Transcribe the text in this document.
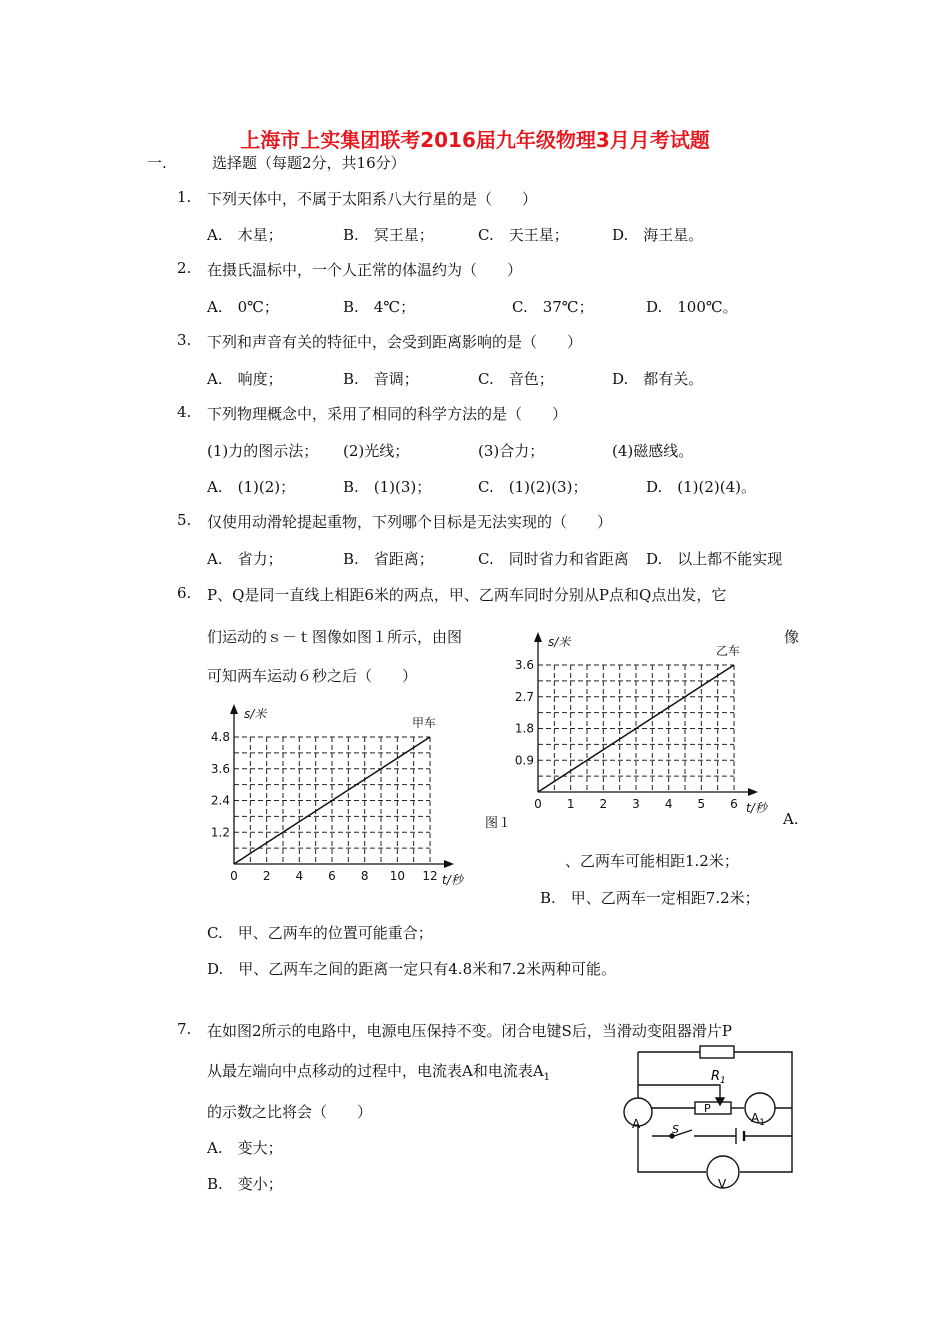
上海市上实集团联考2016届九年级物理3月月考试题
一.	选择题（每题2分，共16分）
1. 下列天体中，不属于太阳系八大行星的是（　　）
A.　木星；	B.　冥王星；	C.　天王星；	D.　海王星。
2. 在摄氏温标中，一个人正常的体温约为（　　）
A.　0℃；	B.　4℃；	C.　37℃；	D.　100℃。
3. 下列和声音有关的特征中，会受到距离影响的是（　　）
A.　响度；	B.　音调；	C.　音色；	D.　都有关。
4. 下列物理概念中，采用了相同的科学方法的是（　　）
(1)力的图示法； (2)光线；	(3)合力；	(4)磁感线。
A.　(1)(2)；	B.　(1)(3)；	C.　(1)(2)(3)；	D.　(1)(2)(4)。
5. 仅使用动滑轮提起重物，下列哪个目标是无法实现的（　　）
A.　省力；	B.　省距离；	C.　同时省力和省距离 D.　以上都不能实现
6. P、Q是同一直线上相距6米的两点，甲、乙两车同时分别从P点和Q点出发，它
们运动的ｓ－ｔ图像如图１所示，由图	像
可知两车运动６秒之后（　　）
0 2 4 6 8 10 12
1.2
2.4
3.6
4.8
s/米
t/秒
甲车
0 1 2 3 4 5 6
0.9
1.8
2.7
3.6
s/米
t/秒
乙车
图１	A.
、乙两车可能相距1.2米；
B.　甲、乙两车一定相距7.2米；
C.　甲、乙两车的位置可能重合；
D.　甲、乙两车之间的距离一定只有4.8米和7.2米两种可能。
7. 在如图2所示的电路中，电源电压保持不变。闭合电键S后，当滑动变阻器滑片P
从最左端向中点移动的过程中，电流表A和电流表$A_1$
的示数之比将会（　　）
A.　变大；
B.　变小；
$R_1$
P
A	$A_1$
S
V
